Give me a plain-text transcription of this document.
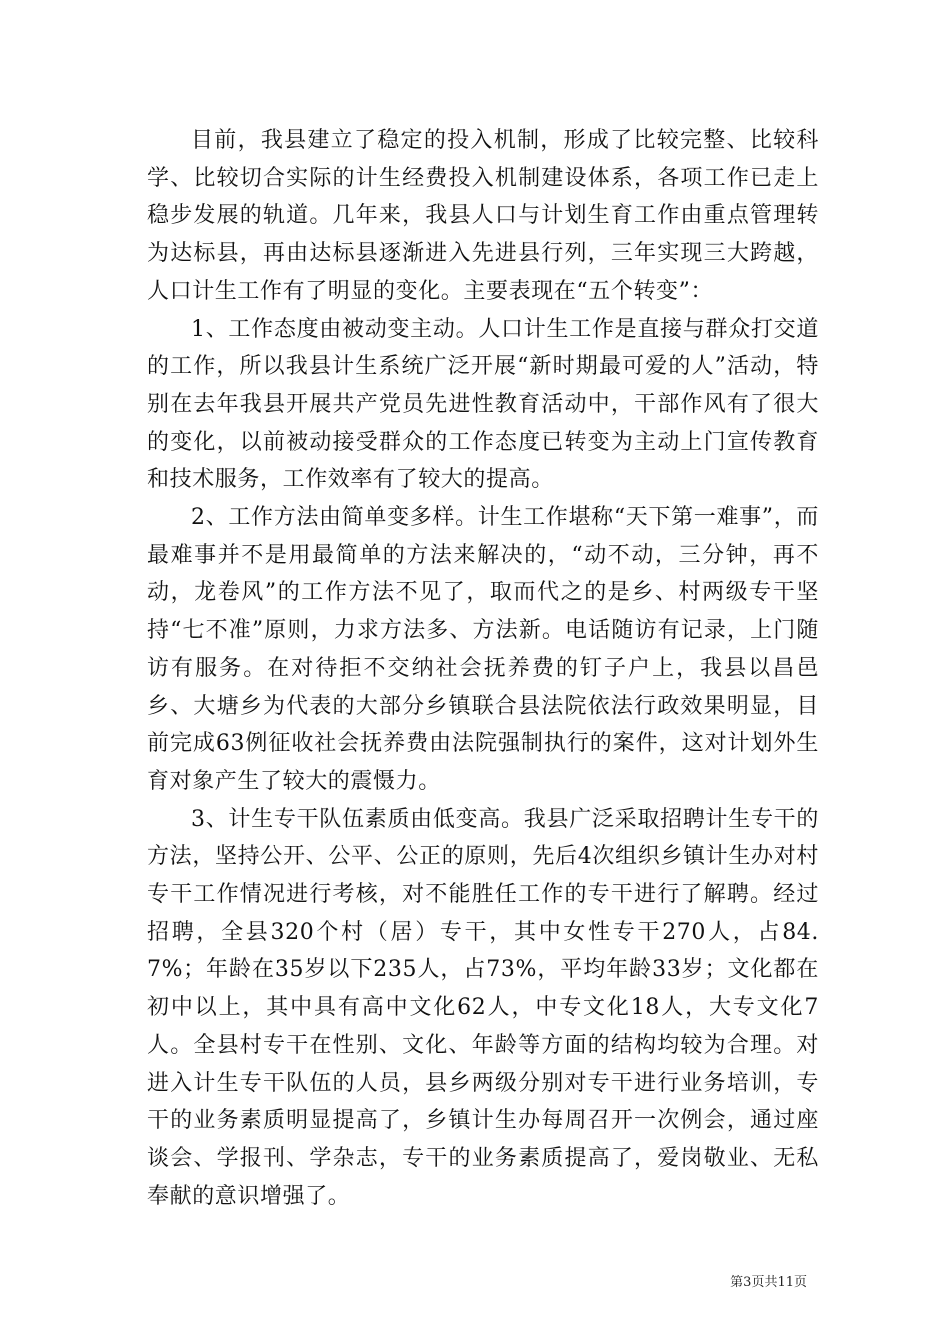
目前，我县建立了稳定的投入机制，形成了比较完整、比较科学、比较切合实际的计生经费投入机制建设体系，各项工作已走上稳步发展的轨道。几年来，我县人口与计划生育工作由重点管理转为达标县，再由达标县逐渐进入先进县行列，三年实现三大跨越，人口计生工作有了明显的变化。主要表现在“五个转变”：

1、工作态度由被动变主动。人口计生工作是直接与群众打交道的工作，所以我县计生系统广泛开展“新时期最可爱的人”活动，特别在去年我县开展共产党员先进性教育活动中，干部作风有了很大的变化，以前被动接受群众的工作态度已转变为主动上门宣传教育和技术服务，工作效率有了较大的提高。

2、工作方法由简单变多样。计生工作堪称“天下第一难事”，而最难事并不是用最简单的方法来解决的，“动不动，三分钟，再不动，龙卷风”的工作方法不见了，取而代之的是乡、村两级专干坚持“七不准”原则，力求方法多、方法新。电话随访有记录，上门随访有服务。在对待拒不交纳社会抚养费的钉子户上，我县以昌邑乡、大塘乡为代表的大部分乡镇联合县法院依法行政效果明显，目前完成63例征收社会抚养费由法院强制执行的案件，这对计划外生育对象产生了较大的震慑力。

3、计生专干队伍素质由低变高。我县广泛采取招聘计生专干的方法，坚持公开、公平、公正的原则，先后4次组织乡镇计生办对村专干工作情况进行考核，对不能胜任工作的专干进行了解聘。经过招聘，全县320个村（居）专干，其中女性专干270人，占84.7%；年龄在35岁以下235人，占73%，平均年龄33岁；文化都在初中以上，其中具有高中文化62人，中专文化18人，大专文化7人。全县村专干在性别、文化、年龄等方面的结构均较为合理。对进入计生专干队伍的人员，县乡两级分别对专干进行业务培训，专干的业务素质明显提高了，乡镇计生办每周召开一次例会，通过座谈会、学报刊、学杂志，专干的业务素质提高了，爱岗敬业、无私奉献的意识增强了。

第3页共11页
